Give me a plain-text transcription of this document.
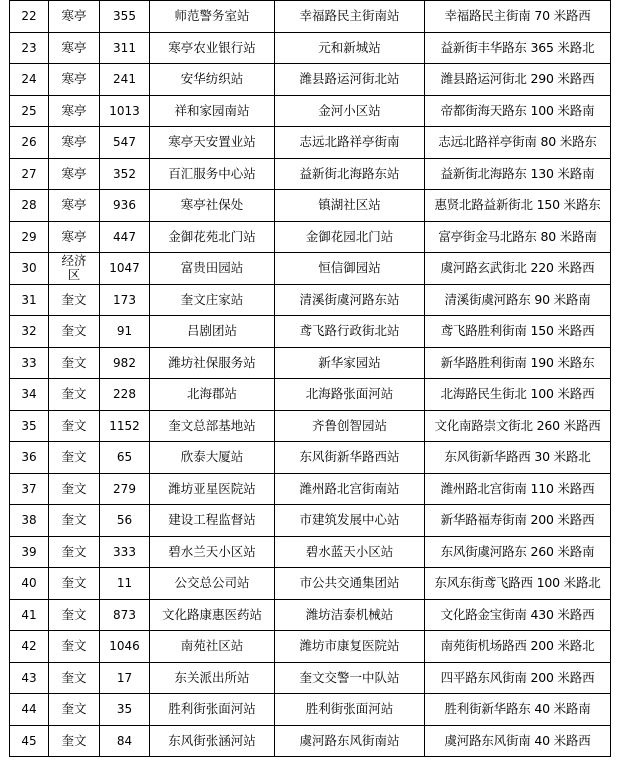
22	寒亭	355	师范警务室站	幸福路民主街南站	幸福路民主街南 70 米路西
23	寒亭	311	寒亭农业银行站	元和新城站	益新街丰华路东 365 米路北
24	寒亭	241	安华纺织站	潍县路运河街北站	潍县路运河街北 290 米路西
25	寒亭	1013	祥和家园南站	金河小区站	帝都街海天路东 100 米路南
26	寒亭	547	寒亭天安置业站	志远北路祥亭街南	志远北路祥亭街南 80 米路东
27	寒亭	352	百汇服务中心站	益新街北海路东站	益新街北海路东 130 米路南
28	寒亭	936	寒亭社保处	镇湖社区站	惠贤北路益新街北 150 米路东
29	寒亭	447	金御花苑北门站	金御花园北门站	富亭街金马北路东 80 米路南
30	经济区	1047	富贵田园站	恒信御园站	虞河路玄武街北 220 米路西
31	奎文	173	奎文庄家站	清溪街虞河路东站	清溪街虞河路东 90 米路南
32	奎文	91	吕剧团站	鸢飞路行政街北站	鸢飞路胜利街南 150 米路西
33	奎文	982	潍坊社保服务站	新华家园站	新华路胜利街南 190 米路东
34	奎文	228	北海郡站	北海路张面河站	北海路民生街北 100 米路西
35	奎文	1152	奎文总部基地站	齐鲁创智园站	文化南路崇文街北 260 米路西
36	奎文	65	欣泰大厦站	东风街新华路西站	东风街新华路西 30 米路北
37	奎文	279	潍坊亚星医院站	潍州路北宫街南站	潍州路北宫街南 110 米路西
38	奎文	56	建设工程监督站	市建筑发展中心站	新华路福寿街南 200 米路西
39	奎文	333	碧水兰天小区站	碧水蓝天小区站	东风街虞河路东 260 米路南
40	奎文	11	公交总公司站	市公共交通集团站	东风东街鸢飞路西 100 米路北
41	奎文	873	文化路康惠医药站	潍坊洁泰机械站	文化路金宝街南 430 米路西
42	奎文	1046	南苑社区站	潍坊市康复医院站	南苑街机场路西 200 米路北
43	奎文	17	东关派出所站	奎文交警一中队站	四平路东风街南 200 米路西
44	奎文	35	胜利街张面河站	胜利街张面河站	胜利街新华路东 40 米路南
45	奎文	84	东风街张涵河站	虞河路东风街南站	虞河路东风街南 40 米路西
